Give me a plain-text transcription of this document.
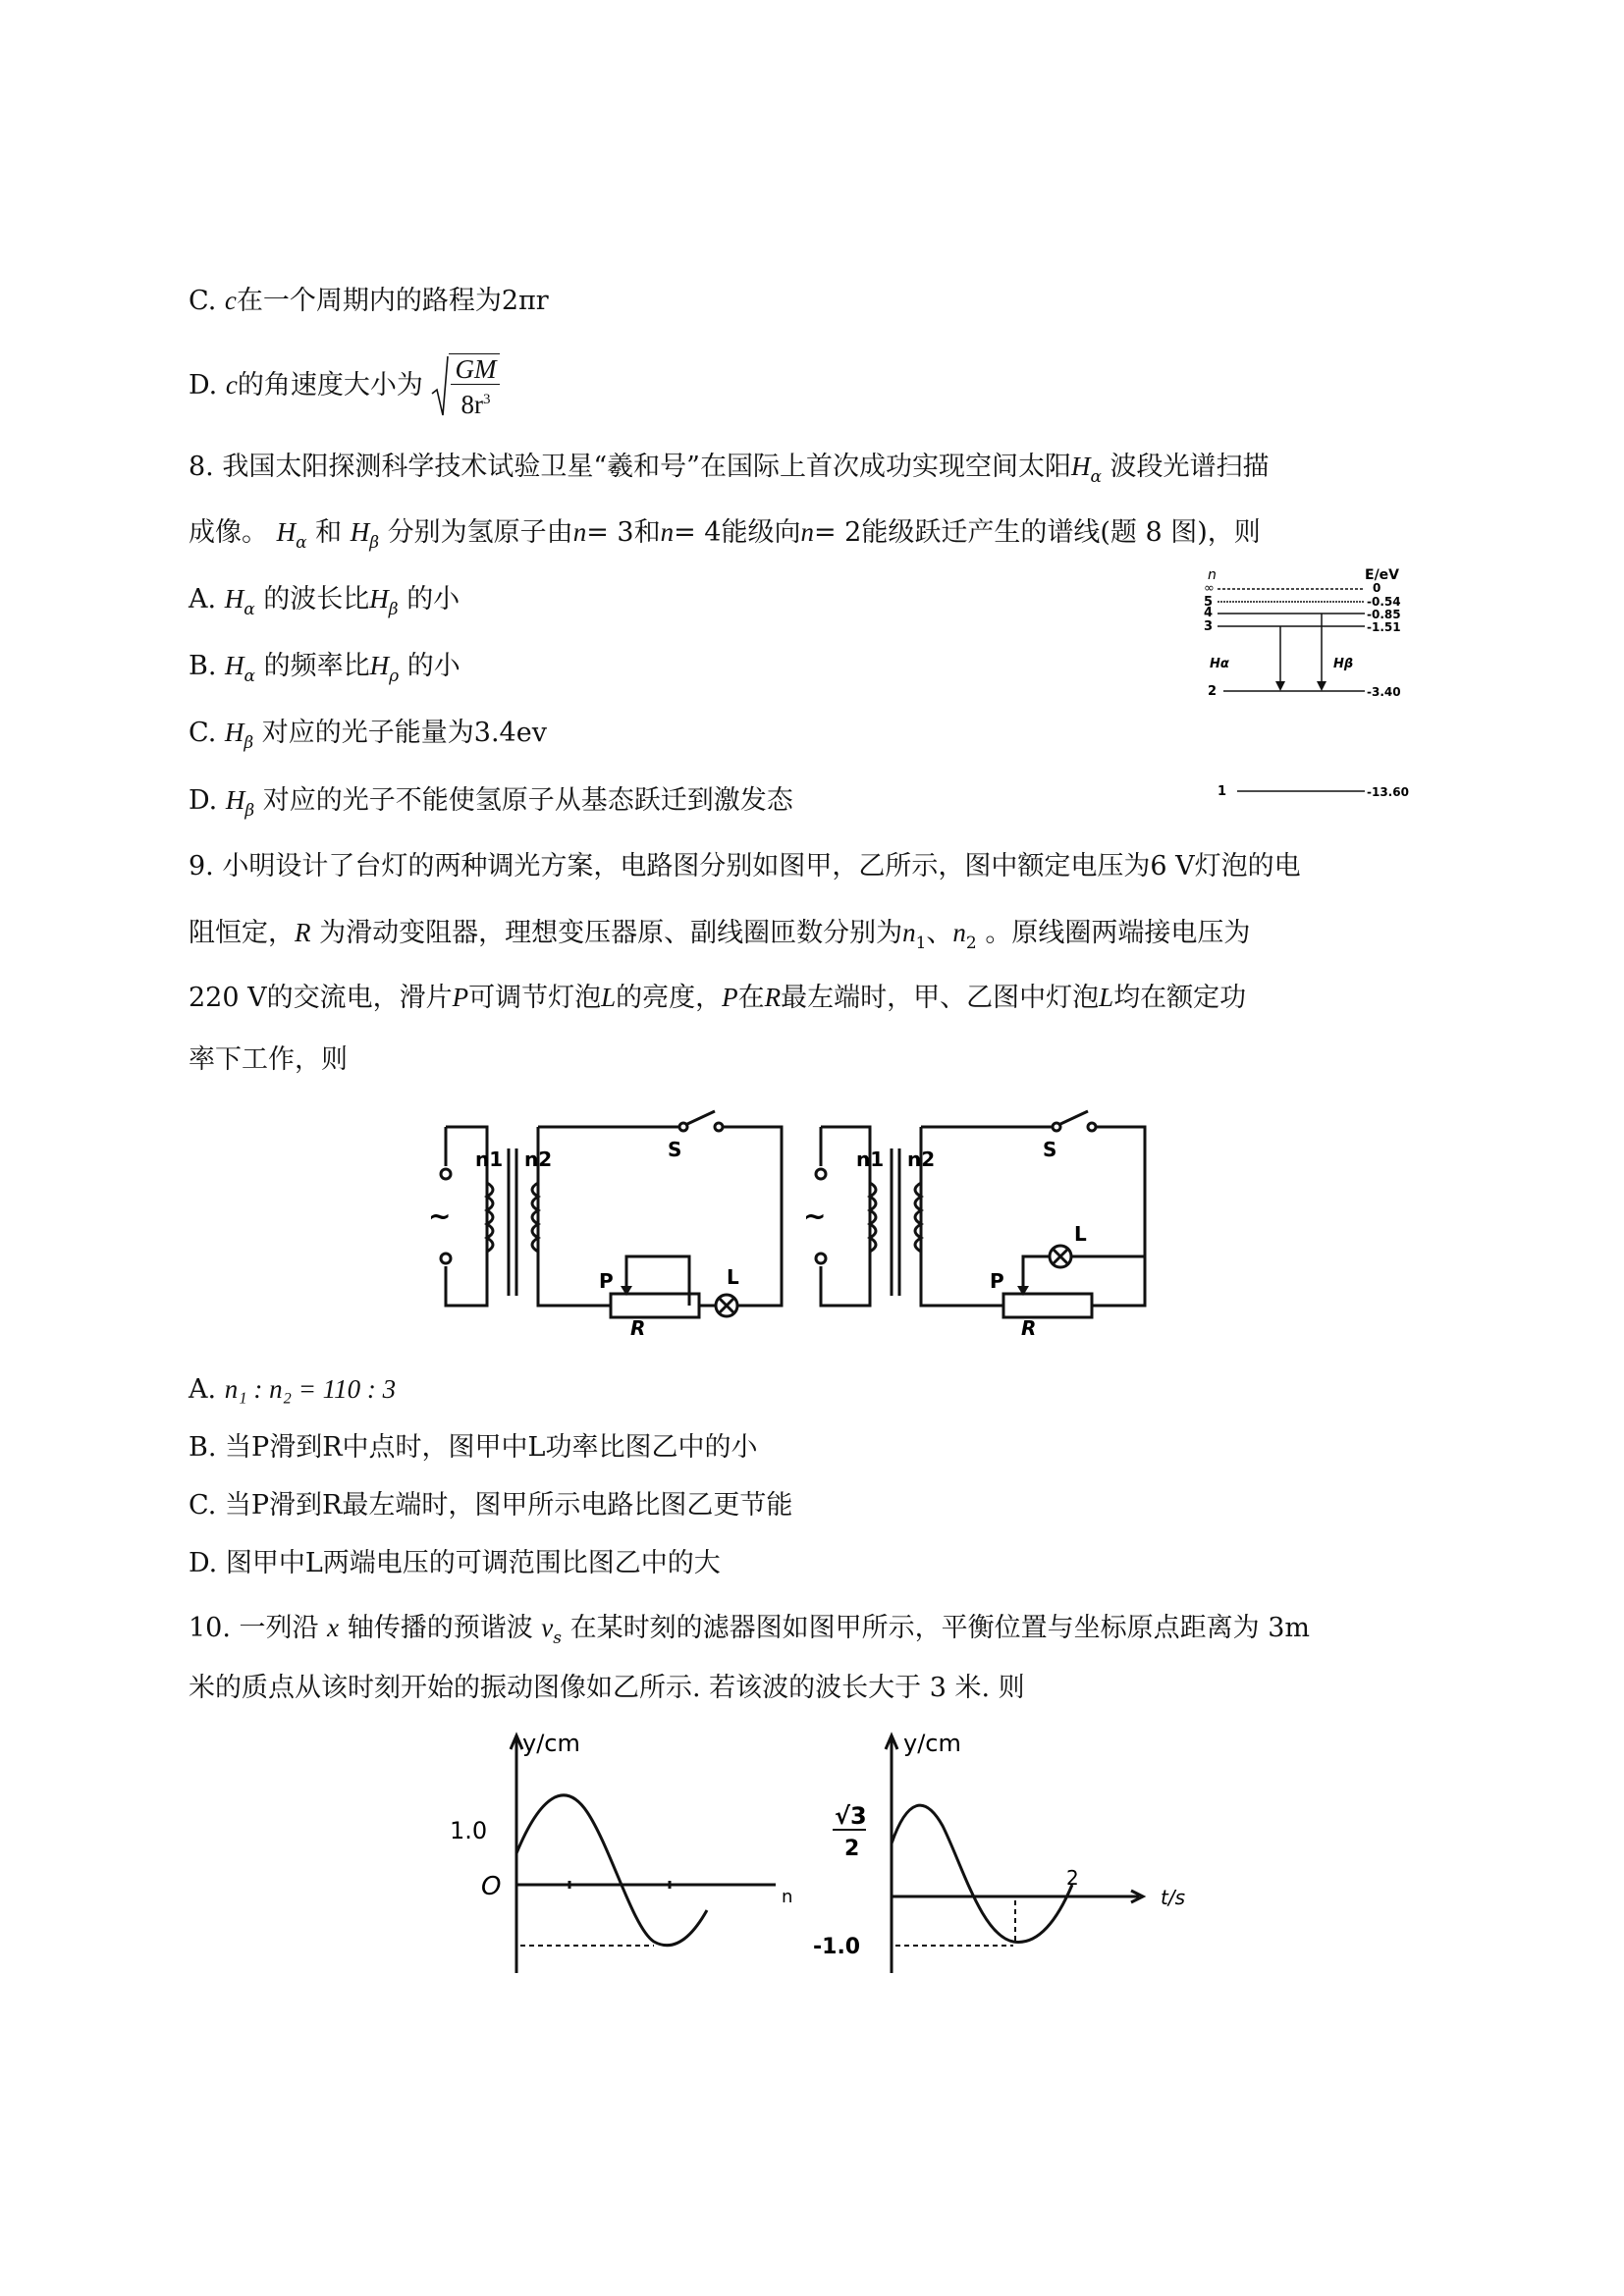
C. c在一个周期内的路程为2πr
D. c的角速度大小为 $\frac{GM}{8r^3}$
8. 我国太阳探测科学技术试验卫星“羲和号”在国际上首次成功实现空间太阳$H_\alpha$ 波段光谱扫描
成像。 $H_\alpha$ 和 $H_\beta$ 分别为氢原子由n= 3和n= 4能级向n= 2能级跃迁产生的谱线(题 8 图)，则
A. $H_\alpha$ 的波长比$H_\beta$ 的小
B. $H_\alpha$ 的频率比$H_\rho$ 的小
C. $H_\beta$ 对应的光子能量为3.4ev
D. $H_\beta$ 对应的光子不能使氢原子从基态跃迁到激发态
n	E/eV
∞	0
5	-0.54
4	-0.85
3	-1.51
Hα	Hβ
2	-3.40
1	-13.60
9. 小明设计了台灯的两种调光方案，电路图分别如图甲，乙所示，图中额定电压为6 V灯泡的电
阻恒定，R 为滑动变阻器，理想变压器原、副线圈匝数分别为$n_1$、$n_2$ 。原线圈两端接电压为
220 V的交流电，滑片P可调节灯泡L的亮度，P在R最左端时，甲、乙图中灯泡L均在额定功
率下工作，则
~
n1 n2	S
P
R
L
~
n1 n2	S
P
R
L
A. n₁ : n₂ = 110 : 3
B. 当P滑到R中点时，图甲中L功率比图乙中的小
C. 当P滑到R最左端时，图甲所示电路比图乙更节能
D. 图甲中L两端电压的可调范围比图乙中的大
10. 一列沿 x 轴传播的预谐波 $v_s$ 在某时刻的滤器图如图甲所示，平衡位置与坐标原点距离为 3m
米的质点从该时刻开始的振动图像如乙所示. 若该波的波长大于 3 米. 则
y/cm
1.0
O	n
y/cm
√3
2
-1.0
2
t/s
